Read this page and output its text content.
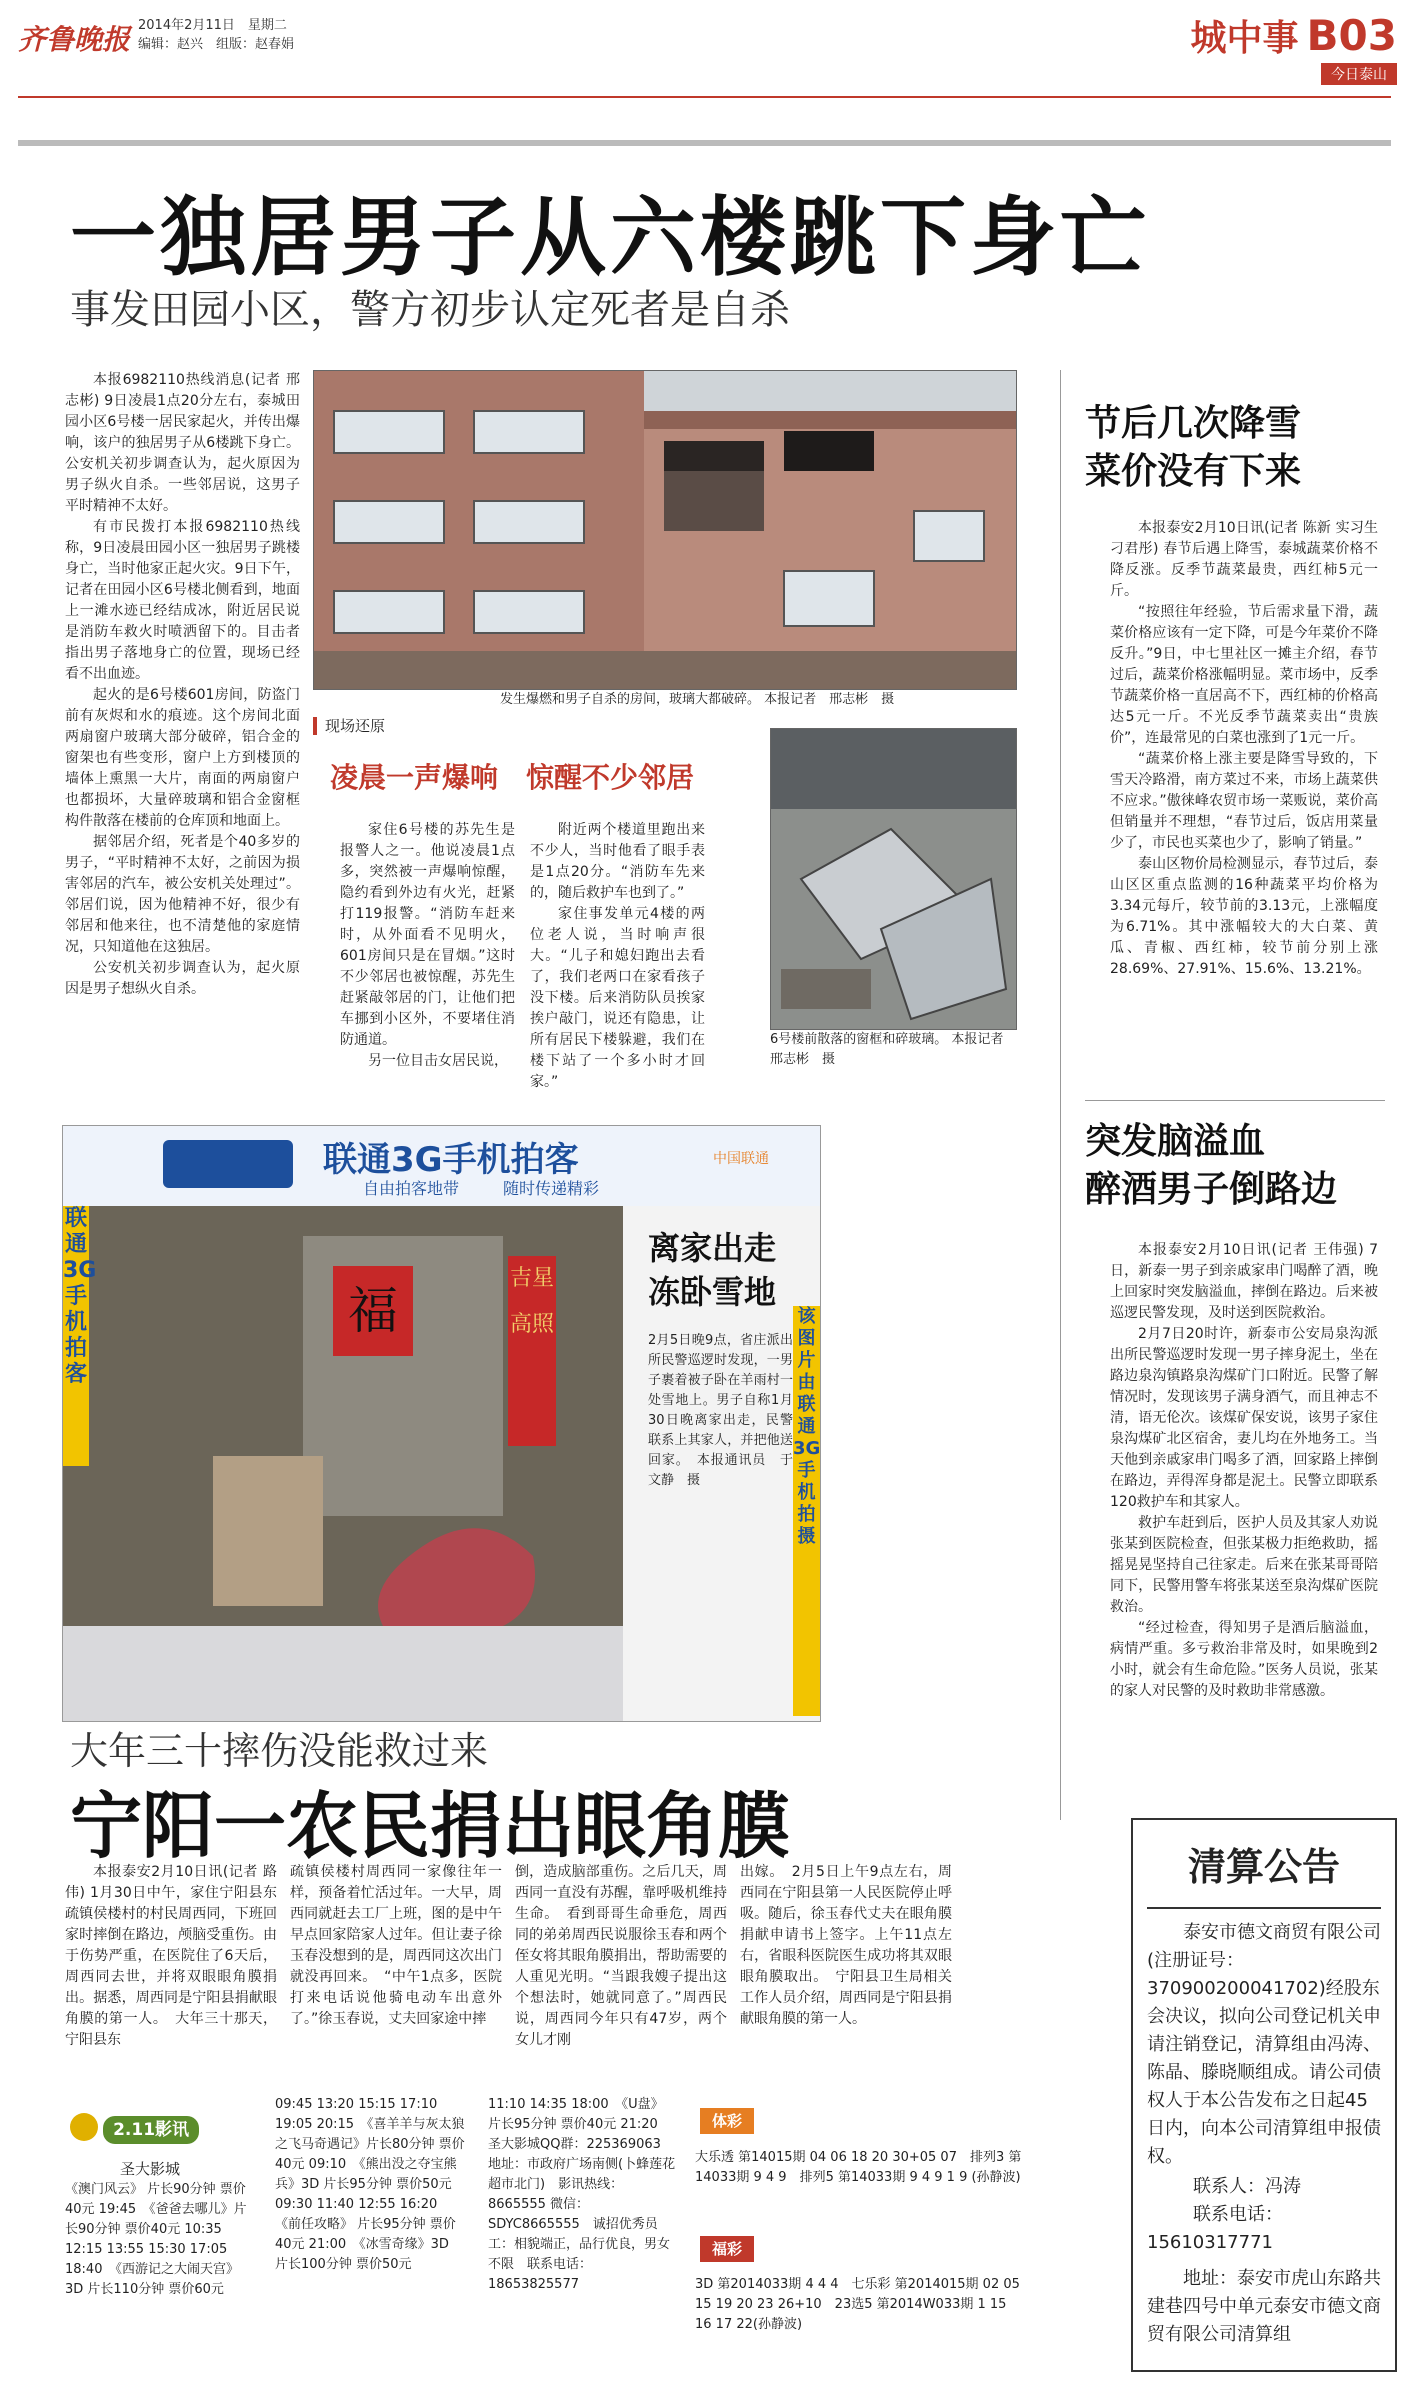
齐鲁晚报 2014年2月11日　星期二
编辑：赵兴　组版：赵春娟	城中事 B03
今日泰山
一独居男子从六楼跳下身亡
事发田园小区，警方初步认定死者是自杀

本报6982110热线消息(记者 邢志彬) 9日凌晨1点20分左右，泰城田园小区6号楼一居民家起火，并传出爆响，该户的独居男子从6楼跳下身亡。公安机关初步调查认为，起火原因为男子纵火自杀。一些邻居说，这男子平时精神不太好。

有市民拨打本报6982110热线称，9日凌晨田园小区一独居男子跳楼身亡，当时他家正起火灾。9日下午，记者在田园小区6号楼北侧看到，地面上一滩水迹已经结成冰，附近居民说是消防车救火时喷洒留下的。目击者指出男子落地身亡的位置，现场已经看不出血迹。

起火的是6号楼601房间，防盗门前有灰烬和水的痕迹。这个房间北面两扇窗户玻璃大部分破碎，铝合金的窗架也有些变形，窗户上方到楼顶的墙体上熏黑一大片，南面的两扇窗户也都损坏，大量碎玻璃和铝合金窗框构件散落在楼前的仓库顶和地面上。

据邻居介绍，死者是个40多岁的男子，“平时精神不太好，之前因为损害邻居的汽车，被公安机关处理过”。邻居们说，因为他精神不好，很少有邻居和他来往，也不清楚他的家庭情况，只知道他在这独居。

公安机关初步调查认为，起火原因是男子想纵火自杀。

发生爆燃和男子自杀的房间，玻璃大都破碎。 本报记者　邢志彬　摄
现场还原
凌晨一声爆响　惊醒不少邻居

家住6号楼的苏先生是报警人之一。他说凌晨1点多，突然被一声爆响惊醒，隐约看到外边有火光，赶紧打119报警。“消防车赶来时，从外面看不见明火，601房间只是在冒烟。”这时不少邻居也被惊醒，苏先生赶紧敲邻居的门，让他们把车挪到小区外，不要堵住消防通道。

另一位目击女居民说，

附近两个楼道里跑出来不少人，当时他看了眼手表是1点20分。“消防车先来的，随后救护车也到了。”

家住事发单元4楼的两位老人说，当时响声很大。“儿子和媳妇跑出去看了，我们老两口在家看孩子没下楼。后来消防队员挨家挨户敲门，说还有隐患，让所有居民下楼躲避，我们在楼下站了一个多小时才回家。”

6号楼前散落的窗框和碎玻璃。 本报记者　邢志彬　摄
节后几次降雪
菜价没有下来

本报泰安2月10日讯(记者 陈新 实习生 刁君彤) 春节后遇上降雪，泰城蔬菜价格不降反涨。反季节蔬菜最贵，西红柿5元一斤。

“按照往年经验，节后需求量下滑，蔬菜价格应该有一定下降，可是今年菜价不降反升。”9日，中七里社区一摊主介绍，春节过后，蔬菜价格涨幅明显。菜市场中，反季节蔬菜价格一直居高不下，西红柿的价格高达5元一斤。不光反季节蔬菜卖出“贵族价”，连最常见的白菜也涨到了1元一斤。

“蔬菜价格上涨主要是降雪导致的，下雪天冷路滑，南方菜过不来，市场上蔬菜供不应求。”傲徕峰农贸市场一菜贩说，菜价高但销量并不理想，“春节过后，饭店用菜量少了，市民也买菜也少了，影响了销量。”

泰山区物价局检测显示，春节过后，泰山区区重点监测的16种蔬菜平均价格为3.34元每斤，较节前的3.13元，上涨幅度为6.71%。其中涨幅较大的大白菜、黄瓜、青椒、西红柿，较节前分别上涨28.69%、27.91%、15.6%、13.21%。

突发脑溢血
醉酒男子倒路边

本报泰安2月10日讯(记者 王伟强) 7日，新泰一男子到亲戚家串门喝醉了酒，晚上回家时突发脑溢血，摔倒在路边。后来被巡逻民警发现，及时送到医院救治。

2月7日20时许，新泰市公安局泉沟派出所民警巡逻时发现一男子摔身泥土，坐在路边泉沟镇路泉沟煤矿门口附近。民警了解情况时，发现该男子满身酒气，而且神志不清，语无伦次。该煤矿保安说，该男子家住泉沟煤矿北区宿舍，妻儿均在外地务工。当天他到亲戚家串门喝多了酒，回家路上摔倒在路边，弄得浑身都是泥土。民警立即联系120救护车和其家人。

救护车赶到后，医护人员及其家人劝说张某到医院检查，但张某极力拒绝救助，摇摇晃晃坚持自己往家走。后来在张某哥哥陪同下，民警用警车将张某送至泉沟煤矿医院救治。

“经过检查，得知男子是酒后脑溢血，病情严重。多亏救治非常及时，如果晚到2小时，就会有生命危险。”医务人员说，张某的家人对民警的及时救助非常感激。

联通3G手机拍客
自由拍客地带	随时传递精彩
中国联通
联通3G手机拍客
福
吉星高照
离家出走
冻卧雪地
2月5日晚9点，省庄派出所民警巡逻时发现，一男子裹着被子卧在羊雨村一处雪地上。男子自称1月30日晚离家出走，民警联系上其家人，并把他送回家。　本报通讯员　于文静　摄
该图片由联通3G手机拍摄
大年三十摔伤没能救过来
宁阳一农民捐出眼角膜

本报泰安2月10日讯(记者 路伟) 1月30日中午，家住宁阳县东疏镇侯楼村的村民周西同，下班回家时摔倒在路边，颅脑受重伤。由于伤势严重，在医院住了6天后，周西同去世，并将双眼眼角膜捐出。据悉，周西同是宁阳县捐献眼角膜的第一人。　大年三十那天，宁阳县东

疏镇侯楼村周西同一家像往年一样，预备着忙活过年。一大早，周西同就赶去工厂上班，图的是中午早点回家陪家人过年。但让妻子徐玉春没想到的是，周西同这次出门就没再回来。　“中午1点多，医院打来电话说他骑电动车出意外了。”徐玉春说，丈夫回家途中摔

倒，造成脑部重伤。之后几天，周西同一直没有苏醒，靠呼吸机维持生命。　看到哥哥生命垂危，周西同的弟弟周西民说服徐玉春和两个侄女将其眼角膜捐出，帮助需要的人重见光明。“当跟我嫂子提出这个想法时，她就同意了。”周西民说，周西同今年只有47岁，两个女儿才刚

出嫁。　2月5日上午9点左右，周西同在宁阳县第一人民医院停止呼吸。随后，徐玉春代丈夫在眼角膜捐献申请书上签字。上午11点左右，省眼科医院医生成功将其双眼眼角膜取出。　宁阳县卫生局相关工作人员介绍，周西同是宁阳县捐献眼角膜的第一人。

2.11影讯
圣大影城
《澳门风云》 片长90分钟 票价40元 19:45　《爸爸去哪儿》片长90分钟 票价40元 10:35 12:15 13:55 15:30 17:05 18:40　《西游记之大闹天宫》3D 片长110分钟 票价60元
09:45 13:20 15:15 17:10 19:05 20:15　《喜羊羊与灰太狼之飞马奇遇记》片长80分钟 票价40元 09:10　《熊出没之夺宝熊兵》3D 片长95分钟 票价50元 09:30 11:40 12:55 16:20　《前任攻略》 片长95分钟 票价40元 21:00　《冰雪奇缘》3D 片长100分钟 票价50元
11:10 14:35 18:00　《U盘》 片长95分钟 票价40元 21:20　圣大影城QQ群：225369063　地址：市政府广场南侧(卜蜂莲花超市北门)　影讯热线：8665555 微信：SDYC8665555　诚招优秀员工：相貌端正，品行优良，男女不限　联系电话：18653825577
体彩
大乐透 第14015期 04 06 18 20 30+05 07　排列3 第14033期 9 4 9　排列5 第14033期 9 4 9 1 9 (孙静波)
福彩
3D 第2014033期 4 4 4　七乐彩 第2014015期 02 05 15 19 20 23 26+10　23选5 第2014W033期 1 15 16 17 22(孙静波)
清算公告
泰安市德文商贸有限公司(注册证号：370900200041702)经股东会决议，拟向公司登记机关申请注销登记，清算组由冯涛、陈晶、滕晓顺组成。请公司债权人于本公告发布之日起45日内，向本公司清算组申报债权。
联系人：冯涛
联系电话：
15610317771
地址：泰安市虎山东路共建巷四号中单元泰安市德文商贸有限公司清算组
